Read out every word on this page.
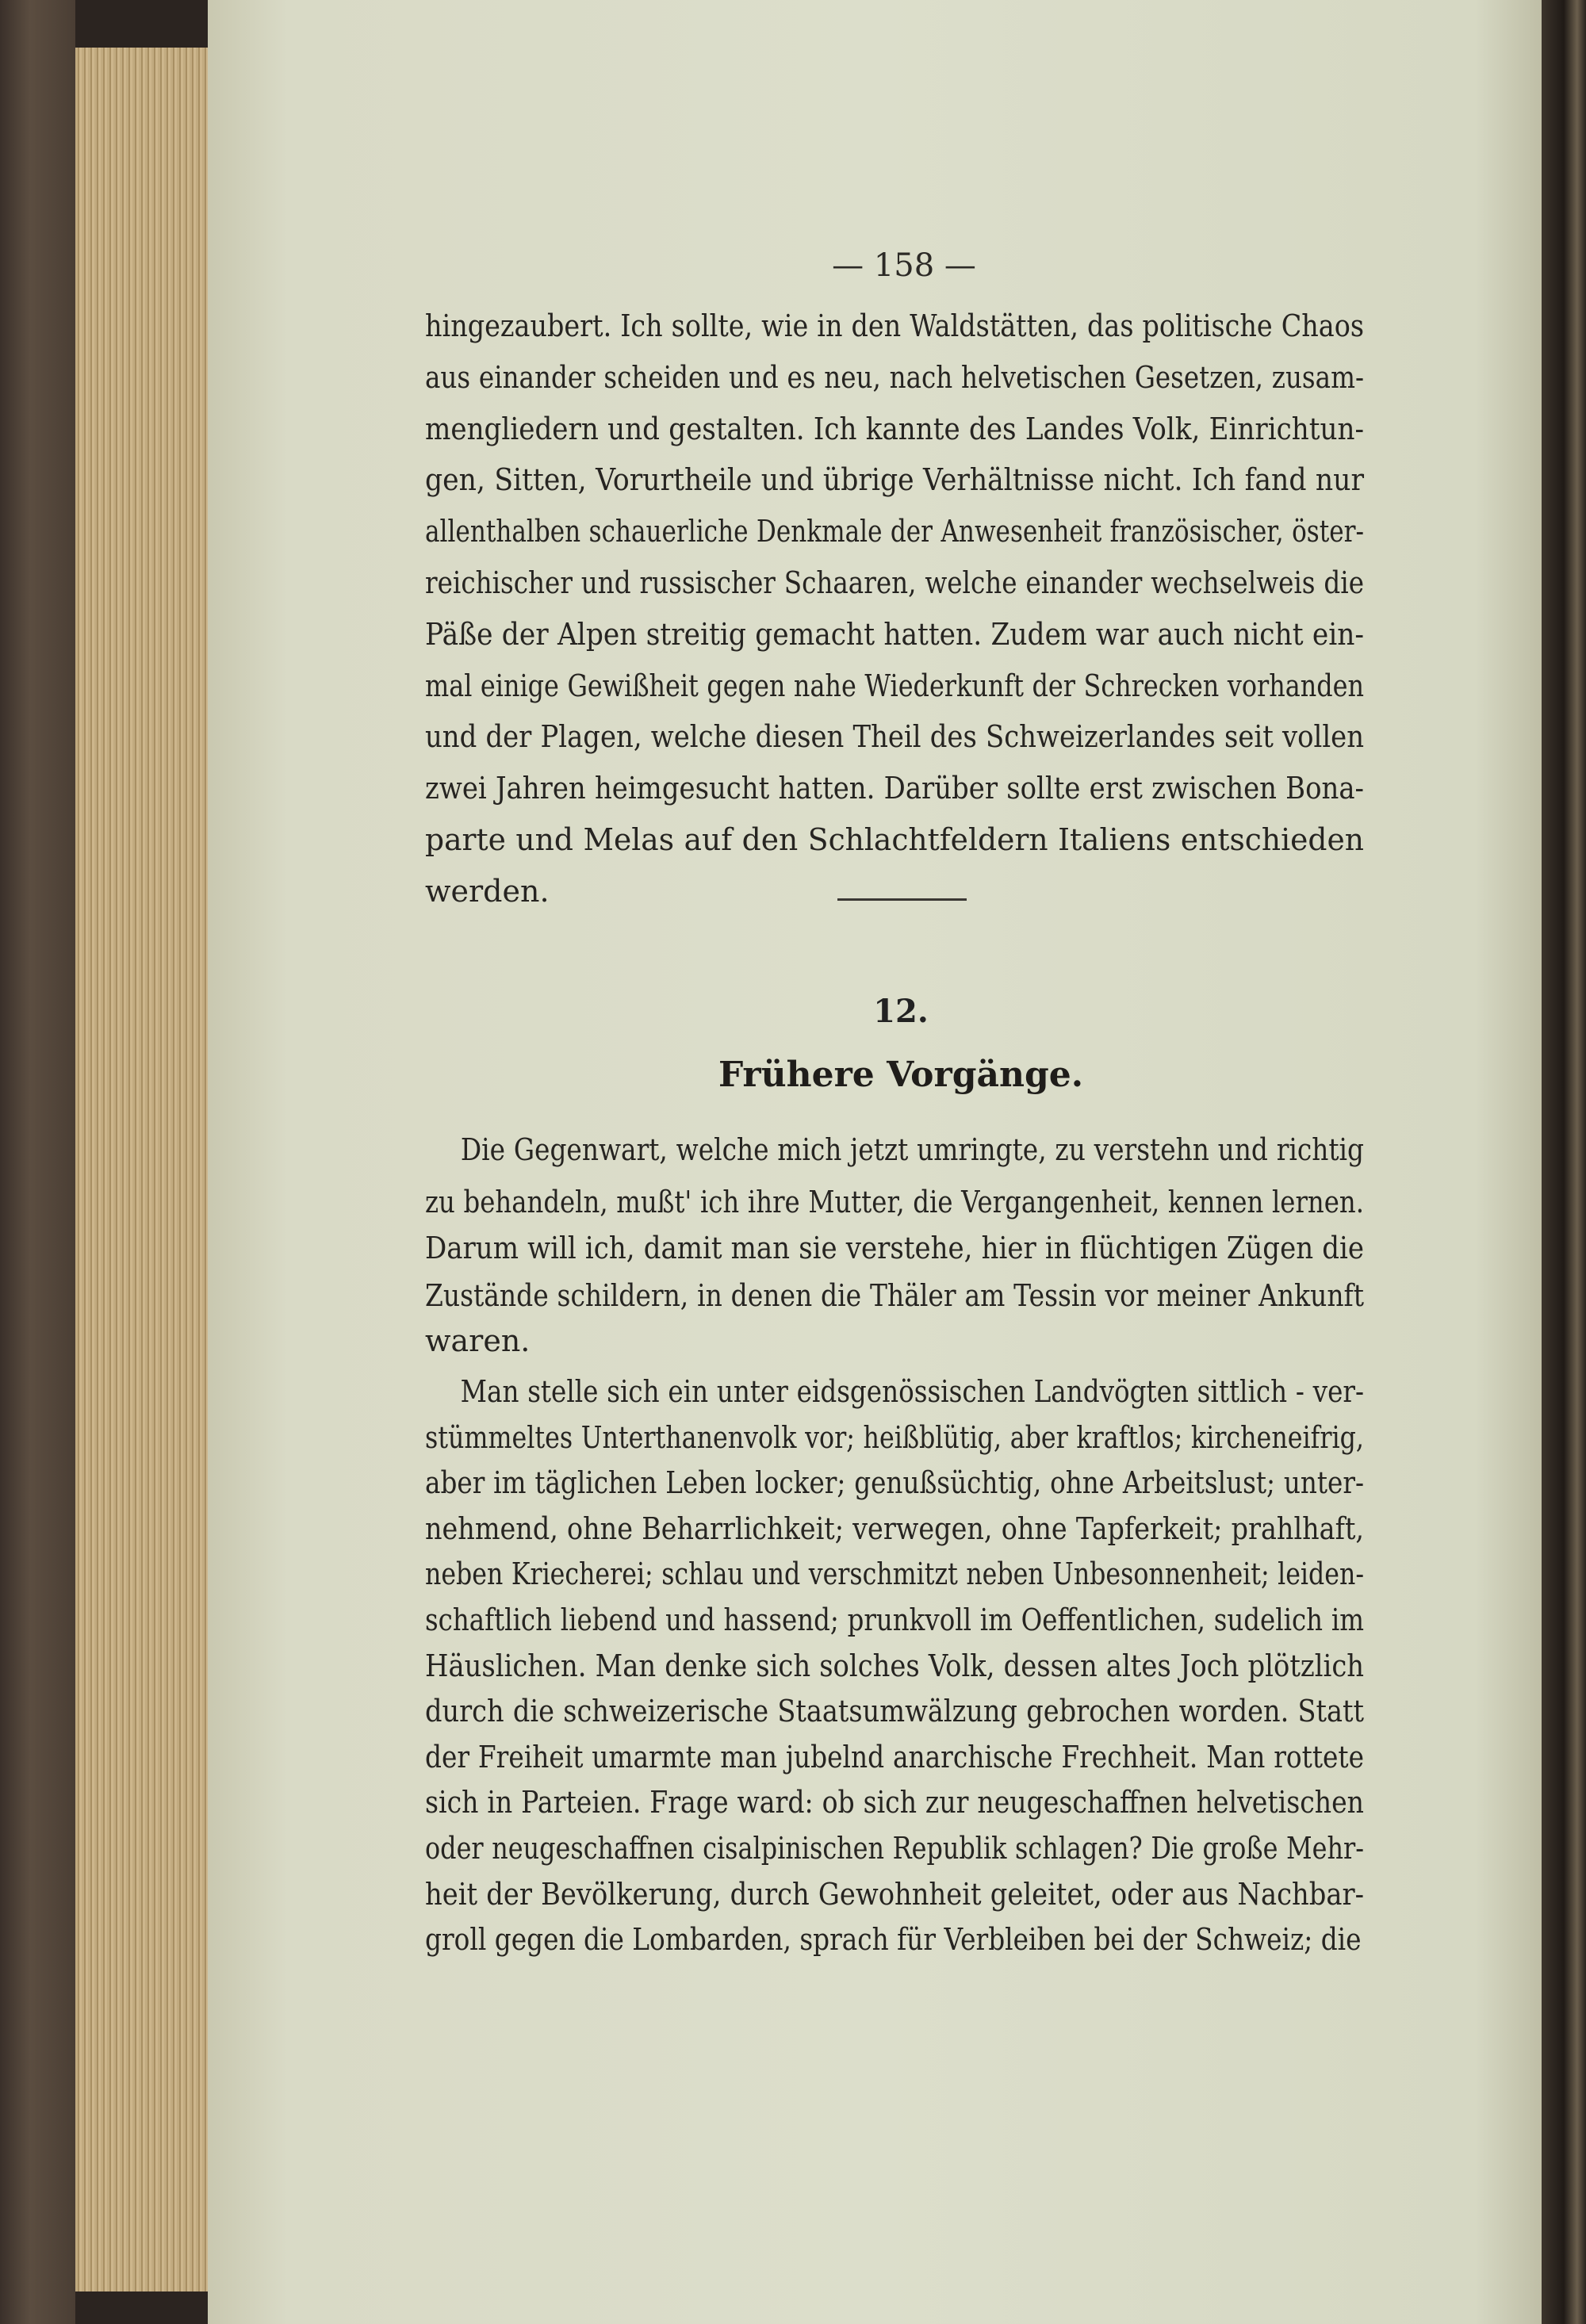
— 158 —
hingezaubert. Ich sollte, wie in den Waldstätten, das politische Chaos
aus einander scheiden und es neu, nach helvetischen Gesetzen, zusam-
mengliedern und gestalten. Ich kannte des Landes Volk, Einrichtun-
gen, Sitten, Vorurtheile und übrige Verhältnisse nicht. Ich fand nur
allenthalben schauerliche Denkmale der Anwesenheit französischer, öster-
reichischer und russischer Schaaren, welche einander wechselweis die
Päße der Alpen streitig gemacht hatten. Zudem war auch nicht ein-
mal einige Gewißheit gegen nahe Wiederkunft der Schrecken vorhanden
und der Plagen, welche diesen Theil des Schweizerlandes seit vollen
zwei Jahren heimgesucht hatten. Darüber sollte erst zwischen Bona-
parte und Melas auf den Schlachtfeldern Italiens entschieden
werden.
12.
Frühere Vorgänge.
Die Gegenwart, welche mich jetzt umringte, zu verstehn und richtig
zu behandeln, mußt' ich ihre Mutter, die Vergangenheit, kennen lernen.
Darum will ich, damit man sie verstehe, hier in flüchtigen Zügen die
Zustände schildern, in denen die Thäler am Tessin vor meiner Ankunft
waren.
Man stelle sich ein unter eidsgenössischen Landvögten sittlich - ver-
stümmeltes Unterthanenvolk vor; heißblütig, aber kraftlos; kircheneifrig,
aber im täglichen Leben locker; genußsüchtig, ohne Arbeitslust; unter-
nehmend, ohne Beharrlichkeit; verwegen, ohne Tapferkeit; prahlhaft,
neben Kriecherei; schlau und verschmitzt neben Unbesonnenheit; leiden-
schaftlich liebend und hassend; prunkvoll im Oeffentlichen, sudelich im
Häuslichen. Man denke sich solches Volk, dessen altes Joch plötzlich
durch die schweizerische Staatsumwälzung gebrochen worden. Statt
der Freiheit umarmte man jubelnd anarchische Frechheit. Man rottete
sich in Parteien. Frage ward: ob sich zur neugeschaffnen helvetischen
oder neugeschaffnen cisalpinischen Republik schlagen? Die große Mehr-
heit der Bevölkerung, durch Gewohnheit geleitet, oder aus Nachbar-
groll gegen die Lombarden, sprach für Verbleiben bei der Schweiz; die
